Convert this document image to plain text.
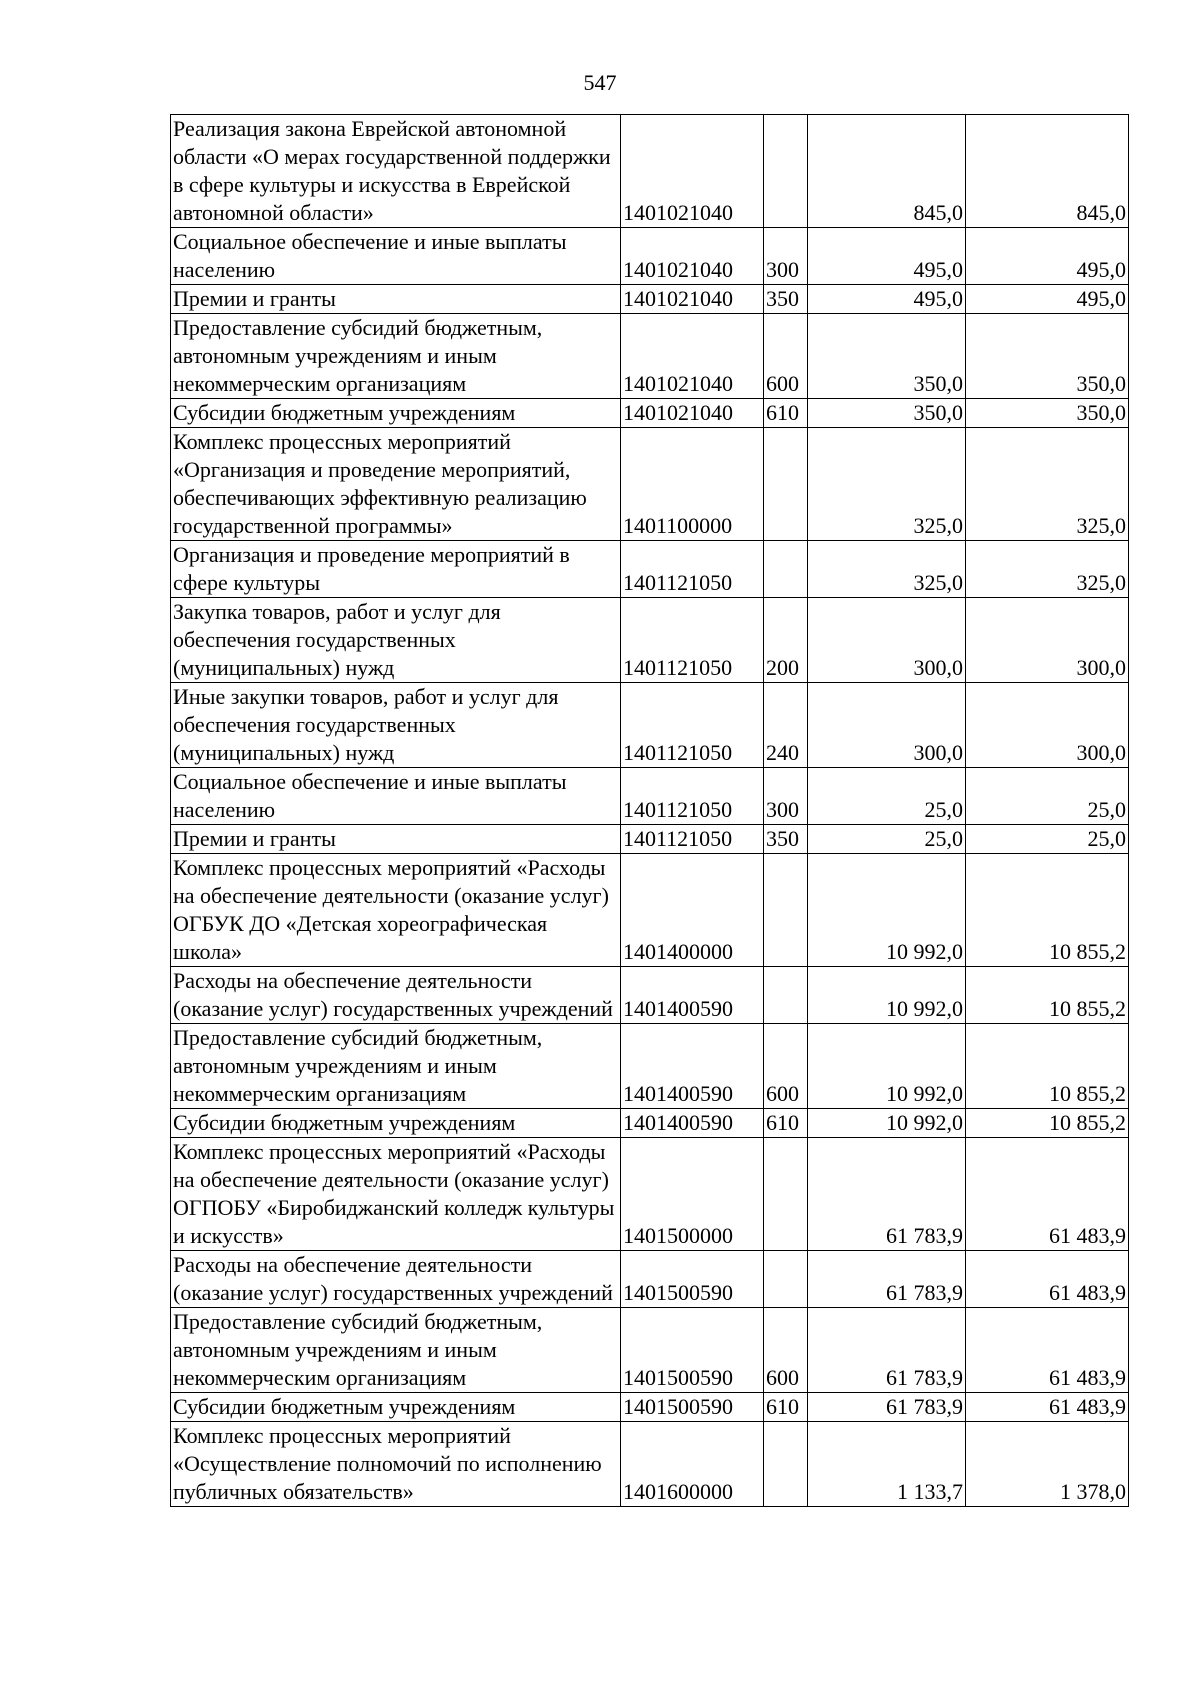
547
Реализация закона Еврейской автономной области «О мерах государственной поддержки в сфере культуры и искусства в Еврейской автономной области»	1401021040		845,0	845,0
Социальное обеспечение и иные выплаты населению	1401021040	300	495,0	495,0
Премии и гранты	1401021040	350	495,0	495,0
Предоставление субсидий бюджетным, автономным учреждениям и иным некоммерческим организациям	1401021040	600	350,0	350,0
Субсидии бюджетным учреждениям	1401021040	610	350,0	350,0
Комплекс процессных мероприятий «Организация и проведение мероприятий, обеспечивающих эффективную реализацию государственной программы»	1401100000		325,0	325,0
Организация и проведение мероприятий в сфере культуры	1401121050		325,0	325,0
Закупка товаров, работ и услуг для обеспечения государственных (муниципальных) нужд	1401121050	200	300,0	300,0
Иные закупки товаров, работ и услуг для обеспечения государственных (муниципальных) нужд	1401121050	240	300,0	300,0
Социальное обеспечение и иные выплаты населению	1401121050	300	25,0	25,0
Премии и гранты	1401121050	350	25,0	25,0
Комплекс процессных мероприятий «Расходы на обеспечение деятельности (оказание услуг) ОГБУК ДО «Детская хореографическая школа»	1401400000		10 992,0	10 855,2
Расходы на обеспечение деятельности (оказание услуг) государственных учреждений	1401400590		10 992,0	10 855,2
Предоставление субсидий бюджетным, автономным учреждениям и иным некоммерческим организациям	1401400590	600	10 992,0	10 855,2
Субсидии бюджетным учреждениям	1401400590	610	10 992,0	10 855,2
Комплекс процессных мероприятий «Расходы на обеспечение деятельности (оказание услуг) ОГПОБУ «Биробиджанский колледж культуры и искусств»	1401500000		61 783,9	61 483,9
Расходы на обеспечение деятельности (оказание услуг) государственных учреждений	1401500590		61 783,9	61 483,9
Предоставление субсидий бюджетным, автономным учреждениям и иным некоммерческим организациям	1401500590	600	61 783,9	61 483,9
Субсидии бюджетным учреждениям	1401500590	610	61 783,9	61 483,9
Комплекс процессных мероприятий «Осуществление полномочий по исполнению публичных обязательств»	1401600000		1 133,7	1 378,0
